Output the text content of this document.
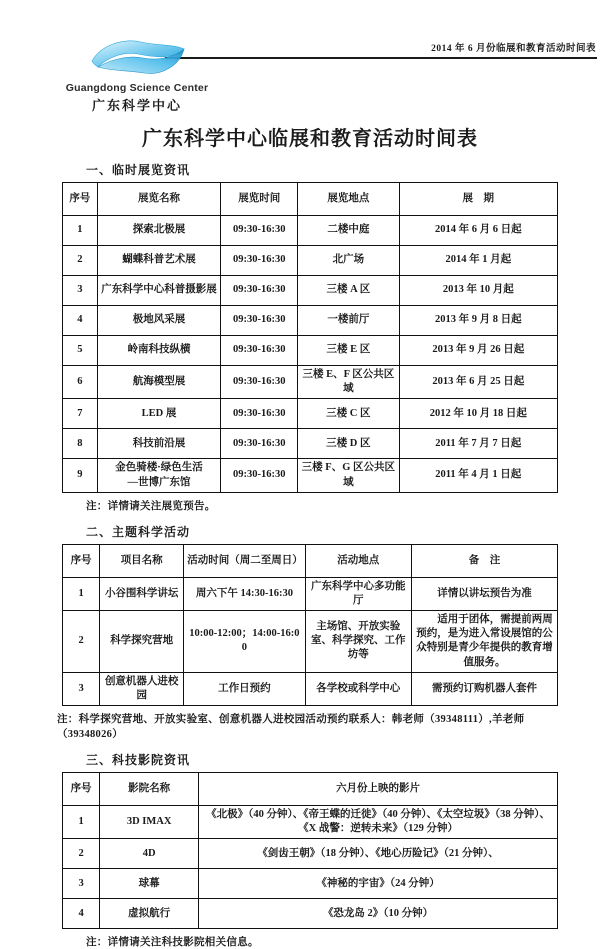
2014 年 6 月份临展和教育活动时间表
Guangdong Science Center
广东科学中心
广东科学中心临展和教育活动时间表
一、临时展览资讯
序号	展览名称	展览时间	展览地点	展　期
1	探索北极展	09:30-16:30	二楼中庭	2014 年 6 月 6 日起
2	蝴蝶科普艺术展	09:30-16:30	北广场	2014 年 1 月起
3	广东科学中心科普摄影展	09:30-16:30	三楼 A 区	2013 年 10 月起
4	极地风采展	09:30-16:30	一楼前厅	2013 年 9 月 8 日起
5	岭南科技纵横	09:30-16:30	三楼 E 区	2013 年 9 月 26 日起
6	航海模型展	09:30-16:30	三楼 E、F 区公共区域	2013 年 6 月 25 日起
7	LED 展	09:30-16:30	三楼 C 区	2012 年 10 月 18 日起
8	科技前沿展	09:30-16:30	三楼 D 区	2011 年 7 月 7 日起
9	金色骑楼·绿色生活
—世博广东馆	09:30-16:30	三楼 F、G 区公共区域	2011 年 4 月 1 日起
注：详情请关注展览预告。
二、主题科学活动
序号	项目名称	活动时间（周二至周日）	活动地点	备　注
1	小谷围科学讲坛	周六下午 14:30-16:30	广东科学中心多功能厅	详情以讲坛预告为准
2	科学探究营地	10:00-12:00；14:00-16:00	主场馆、开放实验室、科学探究、工作坊等	适用于团体，需提前两周预约，是为进入常设展馆的公众特别是青少年提供的教育增值服务。
3	创意机器人进校园	工作日预约	各学校或科学中心	需预约订购机器人套件
注：科学探究营地、开放实验室、创意机器人进校园活动预约联系人：韩老师（39348111）,羊老师（39348026）
三、科技影院资讯
序号	影院名称	六月份上映的影片
1	3D IMAX	《北极》（40 分钟）、《帝王蝶的迁徙》（40 分钟）、《太空垃圾》（38 分钟）、《X 战警：逆转未来》（129 分钟）
2	4D	《剑齿王朝》（18 分钟）、《地心历险记》（21 分钟）、
3	球幕	《神秘的宇宙》（24 分钟）
4	虚拟航行	《恐龙岛 2》（10 分钟）
注：详情请关注科技影院相关信息。
